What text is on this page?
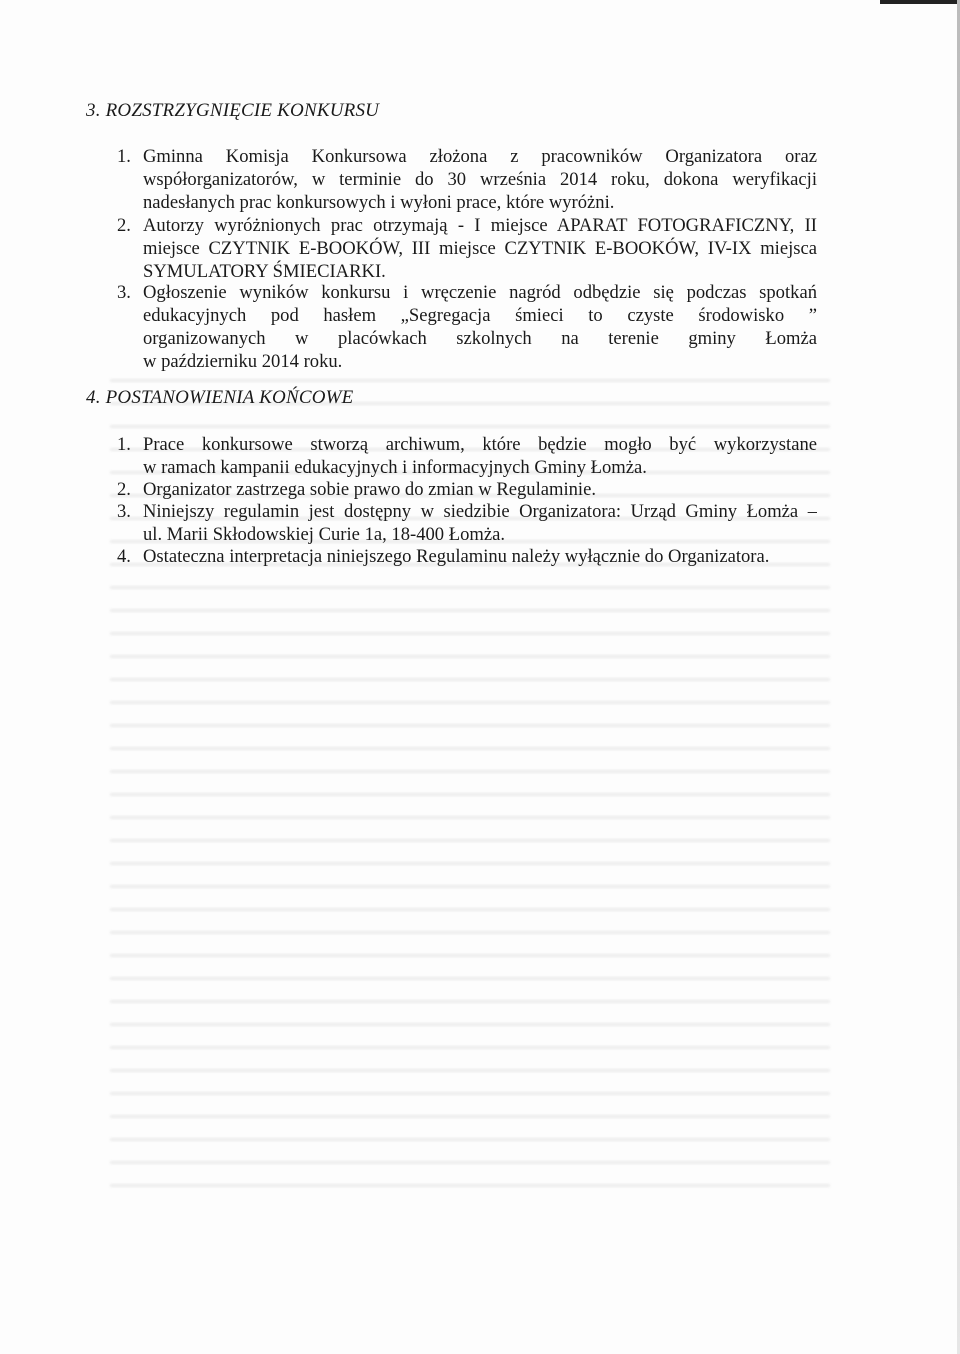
3. ROZSTRZYGNIĘCIE KONKURSU
1. Gminna Komisja Konkursowa złożona z pracowników Organizatora oraz
współorganizatorów, w terminie do 30 września 2014 roku, dokona weryfikacji
nadesłanych prac konkursowych i wyłoni prace, które wyróżni.
2. Autorzy wyróżnionych prac otrzymają - I miejsce APARAT FOTOGRAFICZNY, II
miejsce CZYTNIK E-BOOKÓW, III miejsce CZYTNIK E-BOOKÓW, IV-IX miejsca
SYMULATORY ŚMIECIARKI.
3. Ogłoszenie wyników konkursu i wręczenie nagród odbędzie się podczas spotkań
edukacyjnych pod hasłem „Segregacja śmieci to czyste środowisko ”
organizowanych w placówkach szkolnych na terenie gminy Łomża
w październiku 2014 roku.
4. POSTANOWIENIA KOŃCOWE
1. Prace konkursowe stworzą archiwum, które będzie mogło być wykorzystane
w ramach kampanii edukacyjnych i informacyjnych Gminy Łomża.
2. Organizator zastrzega sobie prawo do zmian w Regulaminie.
3. Niniejszy regulamin jest dostępny w siedzibie Organizatora: Urząd Gminy Łomża –
ul. Marii Skłodowskiej Curie 1a, 18-400 Łomża.
4. Ostateczna interpretacja niniejszego Regulaminu należy wyłącznie do Organizatora.
